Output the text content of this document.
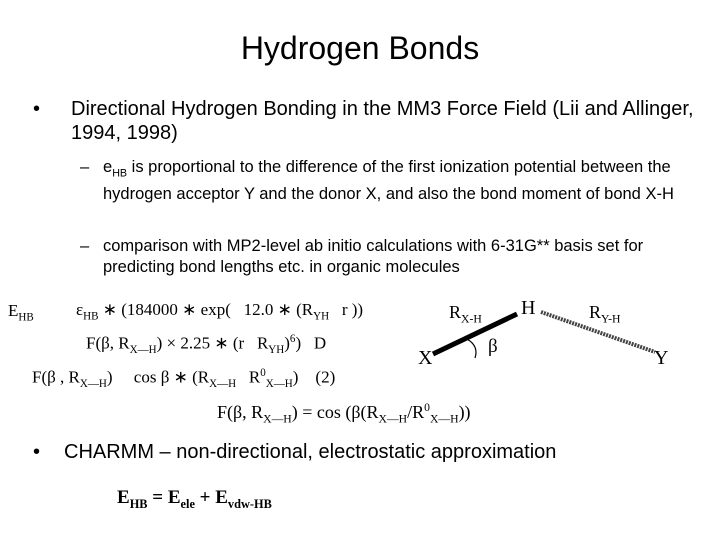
Hydrogen Bonds
• Directional Hydrogen Bonding in the MM3 Force Field (Lii and Allinger, 1994, 1998)
– $e_{HB}$ is proportional to the difference of the first ionization potential between the hydrogen acceptor Y and the donor X, and also the bond moment of bond X-H
– comparison with MP2-level ab initio calculations with 6-31G** basis set for predicting bond lengths etc. in organic molecules
$E_{HB}$ $\varepsilon_{HB}$ ∗ (184000 ∗ exp(   12.0 ∗ ($R_{YH}$   r ))
F(β, $R_{X—H}) \times 2.25$ ∗ (r   $R_{YH})^6$)   D
F(β , $R_{X—H}$)     cos β ∗ ($R_{X—H}$   $R^0_{X—H}$)    (2)
F(β, $R_{X—H}) = \cos (\beta(R_{X—H}/R^0_{X—H}))$
H
X	Y
β
$R_{X-H}$	$R_{Y-H}$
• CHARMM – non-directional, electrostatic approximation
$E_{HB} = E_{ele} + E_{vdw-HB}$
